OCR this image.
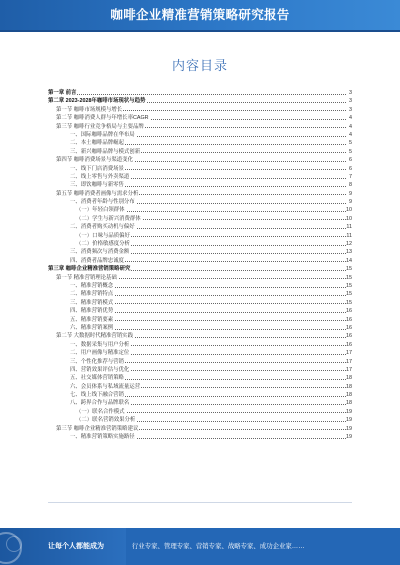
咖啡企业精准营销策略研究报告
内容目录
第一章 前言	3
第二章 2023-2028年咖啡市场现状与趋势	3
第一节 咖啡市场规模与增长	3
第二节 咖啡消费人群与年增长率CAGR	4
第三节 咖啡行业竞争格局与主要品牌	4
一、国际咖啡品牌在华布局	4
二、本土咖啡品牌崛起	5
三、新兴咖啡品牌与模式创新	5
第四节 咖啡消费场景与渠道变化	6
一、线下门店消费场景	6
二、线上零售与外卖渠道	7
三、即饮咖啡与新零售	8
第五节 咖啡消费者画像与需求分析	9
一、消费者年龄与性别分布	9
（一）年轻白领群体	10
（二）学生与新兴消费群体	10
二、消费者购买动机与偏好	11
（一）口味与品质偏好	11
（二）价格敏感度分析	12
三、消费频次与消费金额	13
四、消费者品牌忠诚度	14
第三章 咖啡企业精准营销策略研究	15
第一节 精准营销理论基础	15
一、精准营销概念	15
二、精准营销特点	15
三、精准营销模式	15
四、精准营销优势	16
五、精准营销要素	16
六、精准营销案例	16
第二节 大数据时代精准营销实践	16
一、数据采集与用户分析	16
二、用户画像与精准定位	17
三、个性化推荐与营销	17
四、营销效果评估与优化	17
五、社交媒体营销策略	18
六、会员体系与私域流量运营	18
七、线上线下融合营销	18
八、跨界合作与品牌联名	18
（一）联名合作模式	19
（二）联名营销效果分析	19
第三节 咖啡企业精准营销策略建议	19
一、精准营销策略实施路径	19
让每个人都能成为	行业专家、管理专家、营销专家、战略专家、成功企业家……
